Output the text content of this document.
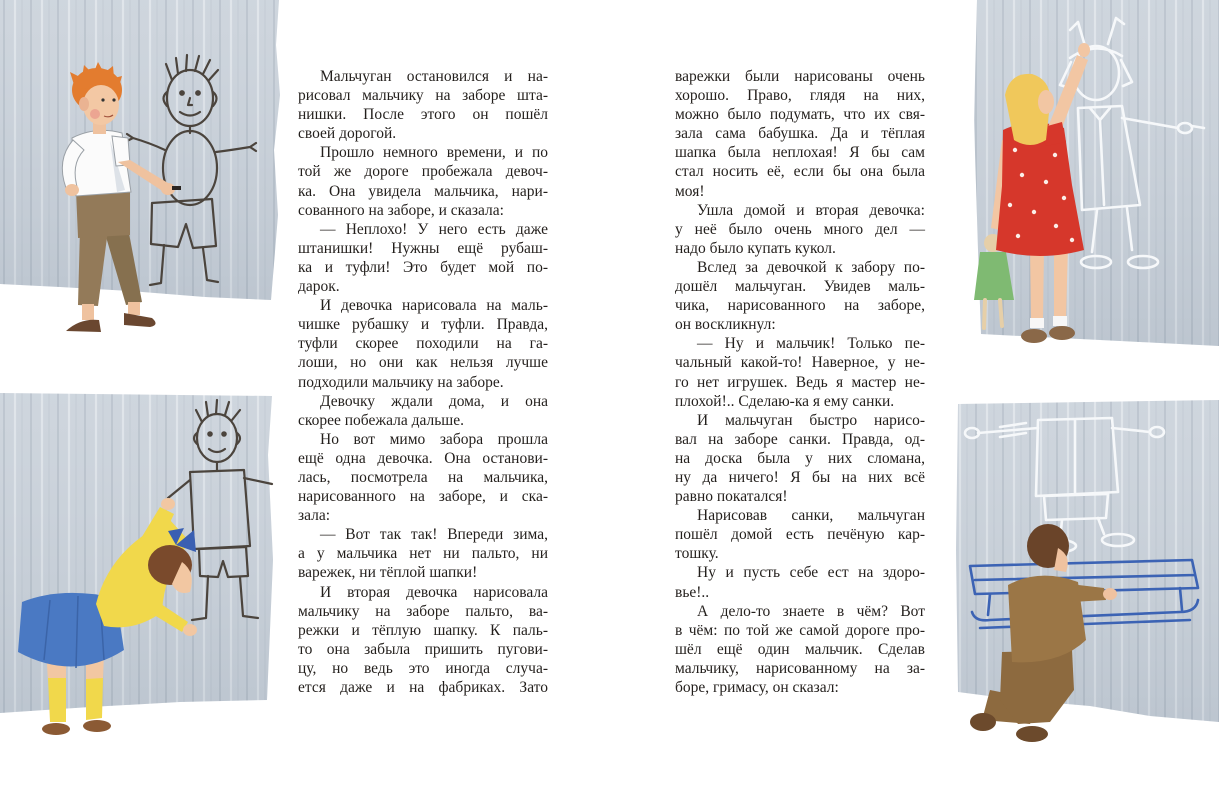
Мальчуган остановился и на-
рисовал мальчику на заборе шта-
нишки. После этого он пошёл
своей дорогой.
Прошло немного времени, и по
той же дороге пробежала девоч-
ка. Она увидела мальчика, нари-
сованного на заборе, и сказала:
— Неплохо! У него есть даже
штанишки! Нужны ещё рубаш-
ка и туфли! Это будет мой по-
дарок.
И девочка нарисовала на маль-
чишке рубашку и туфли. Правда,
туфли скорее походили на га-
лоши, но они как нельзя лучше
подходили мальчику на заборе.
Девочку ждали дома, и она
скорее побежала дальше.
Но вот мимо забора прошла
ещё одна девочка. Она останови-
лась, посмотрела на мальчика,
нарисованного на заборе, и ска-
зала:
— Вот так так! Впереди зима,
а у мальчика нет ни пальто, ни
варежек, ни тёплой шапки!
И вторая девочка нарисовала
мальчику на заборе пальто, ва-
режки и тёплую шапку. К паль-
то она забыла пришить пугови-
цу, но ведь это иногда случа-
ется даже и на фабриках. Зато
варежки были нарисованы очень
хорошо. Право, глядя на них,
можно было подумать, что их свя-
зала сама бабушка. Да и тёплая
шапка была неплохая! Я бы сам
стал носить её, если бы она была
моя!
Ушла домой и вторая девочка:
у неё было очень много дел —
надо было купать кукол.
Вслед за девочкой к забору по-
дошёл мальчуган. Увидев маль-
чика, нарисованного на заборе,
он воскликнул:
— Ну и мальчик! Только пе-
чальный какой-то! Наверное, у не-
го нет игрушек. Ведь я мастер не-
плохой!.. Сделаю-ка я ему санки.
И мальчуган быстро нарисо-
вал на заборе санки. Правда, од-
на доска была у них сломана,
ну да ничего! Я бы на них всё
равно покатался!
Нарисовав санки, мальчуган
пошёл домой есть печёную кар-
тошку.
Ну и пусть себе ест на здоро-
вье!..
А дело-то знаете в чём? Вот
в чём: по той же самой дороге про-
шёл ещё один мальчик. Сделав
мальчику, нарисованному на за-
боре, гримасу, он сказал:
